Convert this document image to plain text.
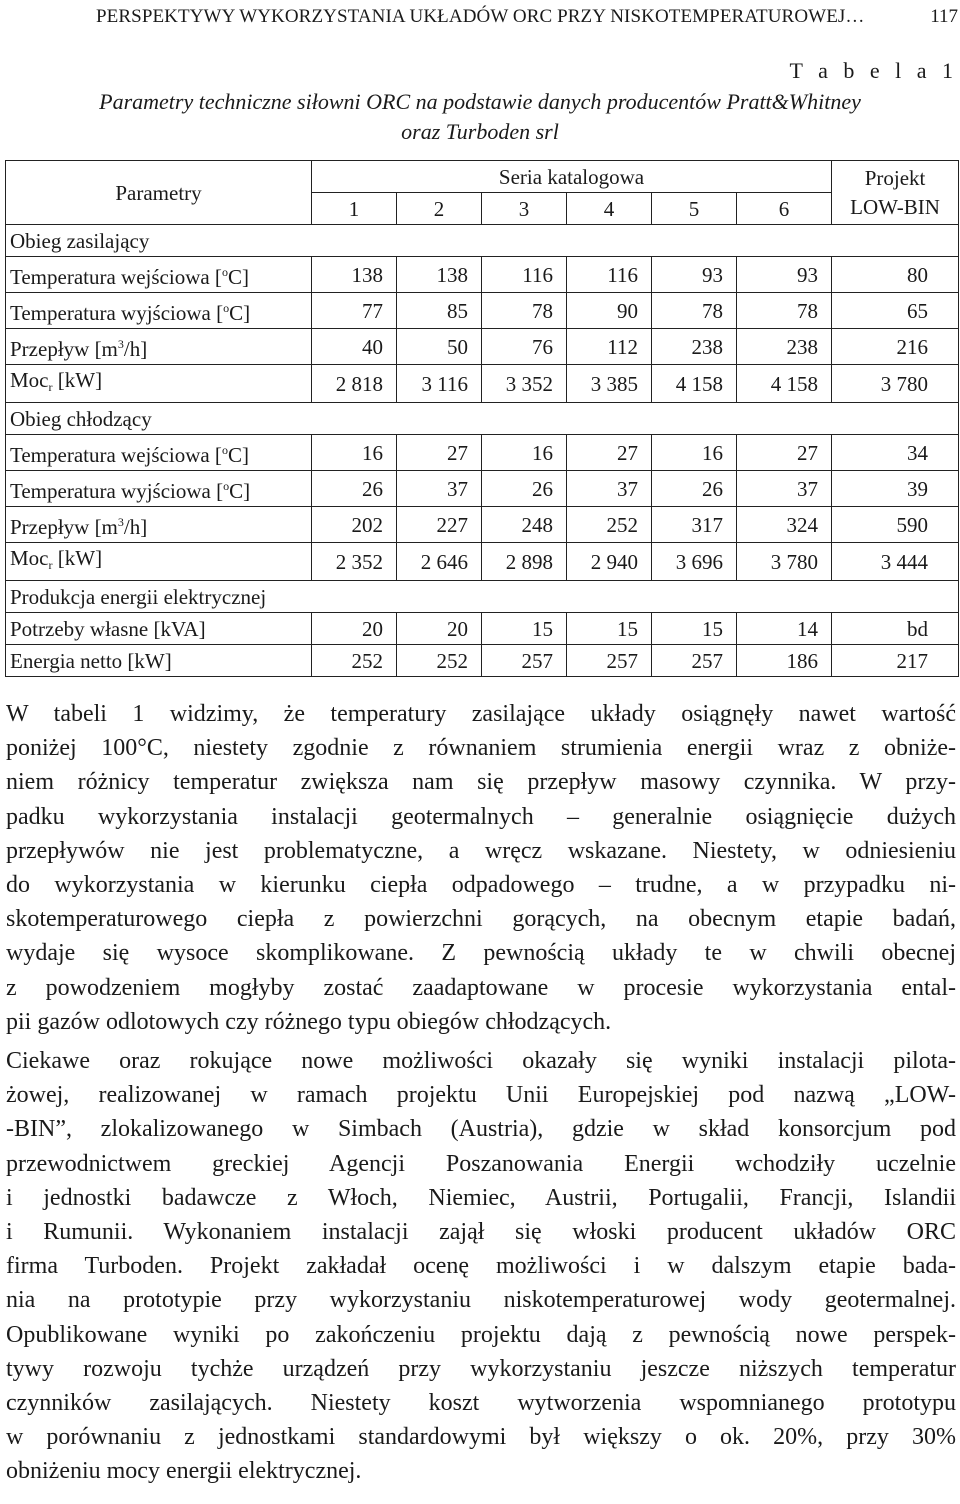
PERSPEKTYWY WYKORZYSTANIA UKŁADÓW ORC PRZY NISKOTEMPERATUROWEJ…	117
T a b e l a 1
Parametry techniczne siłowni ORC na podstawie danych producentów Pratt&Whitney
oraz Turboden srl
Parametry	Seria katalogowa						Projekt
LOW-BIN

	1	2	3	4	5	6	
Obieg zasilający							
Temperatura wejściowa [$^o$C]	138	138	116	116	93	93	80
Temperatura wyjściowa [$^o$C]	77	85	78	90	78	78	65
Przepływ $[m^3/h]$	40	50	76	112	238	238	216
Moc$_r$ [kW]	2 818	3 116	3 352	3 385	4 158	4 158	3 780
Obieg chłodzący							
Temperatura wejściowa [$^o$C]	16	27	16	27	16	27	34
Temperatura wyjściowa [$^o$C]	26	37	26	37	26	37	39
Przepływ $[m^3/h]$	202	227	248	252	317	324	590
Moc$_r$ [kW]	2 352	2 646	2 898	2 940	3 696	3 780	3 444
Produkcja energii elektrycznej							
Potrzeby własne [kVA]	20	20	15	15	15	14	bd
Energia netto [kW]	252	252	257	257	257	186	217

W tabeli 1 widzimy, że temperatury zasilające układy osiągnęły nawet wartość
poniżej 100°C, niestety zgodnie z równaniem strumienia energii wraz z obniże-
niem różnicy temperatur zwiększa nam się przepływ masowy czynnika. W przy-
padku wykorzystania instalacji geotermalnych – generalnie osiągnięcie dużych
przepływów nie jest problematyczne, a wręcz wskazane. Niestety, w odniesieniu
do wykorzystania w kierunku ciepła odpadowego – trudne, a w przypadku ni-
skotemperaturowego ciepła z powierzchni gorących, na obecnym etapie badań,
wydaje się wysoce skomplikowane. Z pewnością układy te w chwili obecnej
z powodzeniem mogłyby zostać zaadaptowane w procesie wykorzystania ental-
pii gazów odlotowych czy różnego typu obiegów chłodzących.

Ciekawe oraz rokujące nowe możliwości okazały się wyniki instalacji pilota-
żowej, realizowanej w ramach projektu Unii Europejskiej pod nazwą „LOW-
-BIN”, zlokalizowanego w Simbach (Austria), gdzie w skład konsorcjum pod
przewodnictwem greckiej Agencji Poszanowania Energii wchodziły uczelnie
i jednostki badawcze z Włoch, Niemiec, Austrii, Portugalii, Francji, Islandii
i Rumunii. Wykonaniem instalacji zajął się włoski producent układów ORC
firma Turboden. Projekt zakładał ocenę możliwości i w dalszym etapie bada-
nia na prototypie przy wykorzystaniu niskotemperaturowej wody geotermalnej.
Opublikowane wyniki po zakończeniu projektu dają z pewnością nowe perspek-
tywy rozwoju tychże urządzeń przy wykorzystaniu jeszcze niższych temperatur
czynników zasilających. Niestety koszt wytworzenia wspomnianego prototypu
w porównaniu z jednostkami standardowymi był większy o ok. 20%, przy 30%
obniżeniu mocy energii elektrycznej.
